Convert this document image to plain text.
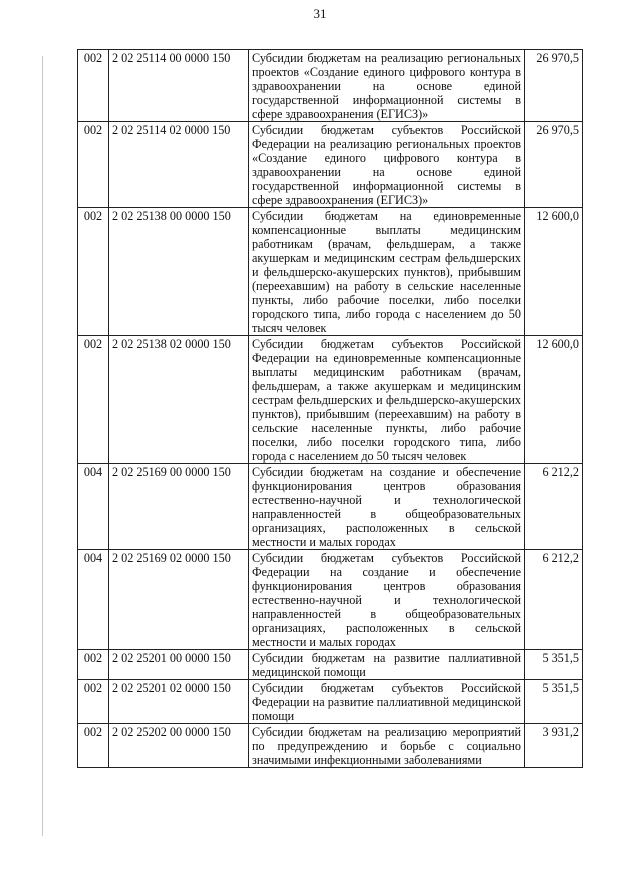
31
002	2 02 25114 00 0000 150	Субсидии бюджетам на реализацию региональных проектов «Создание единого цифрового контура в здравоохранении на основе единой государственной информационной системы в сфере здравоохранения (ЕГИСЗ)»	26 970,5
002	2 02 25114 02 0000 150	Субсидии бюджетам субъектов Российской Федерации на реализацию региональных проектов «Создание единого цифрового контура в здравоохранении на основе единой государственной информационной системы в сфере здравоохранения (ЕГИСЗ)»	26 970,5
002	2 02 25138 00 0000 150	Субсидии бюджетам на единовременные компенсационные выплаты медицинским работникам (врачам, фельдшерам, а также акушеркам и медицинским сестрам фельдшерских и фельдшерско-акушерских пунктов), прибывшим (переехавшим) на работу в сельские населенные пункты, либо рабочие поселки, либо поселки городского типа, либо города с населением до 50 тысяч человек	12 600,0
002	2 02 25138 02 0000 150	Субсидии бюджетам субъектов Российской Федерации на единовременные компенсационные выплаты медицинским работникам (врачам, фельдшерам, а также акушеркам и медицинским сестрам фельдшерских и фельдшерско-акушерских пунктов), прибывшим (переехавшим) на работу в сельские населенные пункты, либо рабочие поселки, либо поселки городского типа, либо города с населением до 50 тысяч человек	12 600,0
004	2 02 25169 00 0000 150	Субсидии бюджетам на создание и обеспечение функционирования центров образования естественно-научной и технологической направленностей в общеобразовательных организациях, расположенных в сельской местности и малых городах	6 212,2
004	2 02 25169 02 0000 150	Субсидии бюджетам субъектов Российской Федерации на создание и обеспечение функционирования центров образования естественно-научной и технологической направленностей в общеобразовательных организациях, расположенных в сельской местности и малых городах	6 212,2
002	2 02 25201 00 0000 150	Субсидии бюджетам на развитие паллиативной медицинской помощи	5 351,5
002	2 02 25201 02 0000 150	Субсидии бюджетам субъектов Российской Федерации на развитие паллиативной медицинской помощи	5 351,5
002	2 02 25202 00 0000 150	Субсидии бюджетам на реализацию мероприятий по предупреждению и борьбе с социально значимыми инфекционными заболеваниями	3 931,2
